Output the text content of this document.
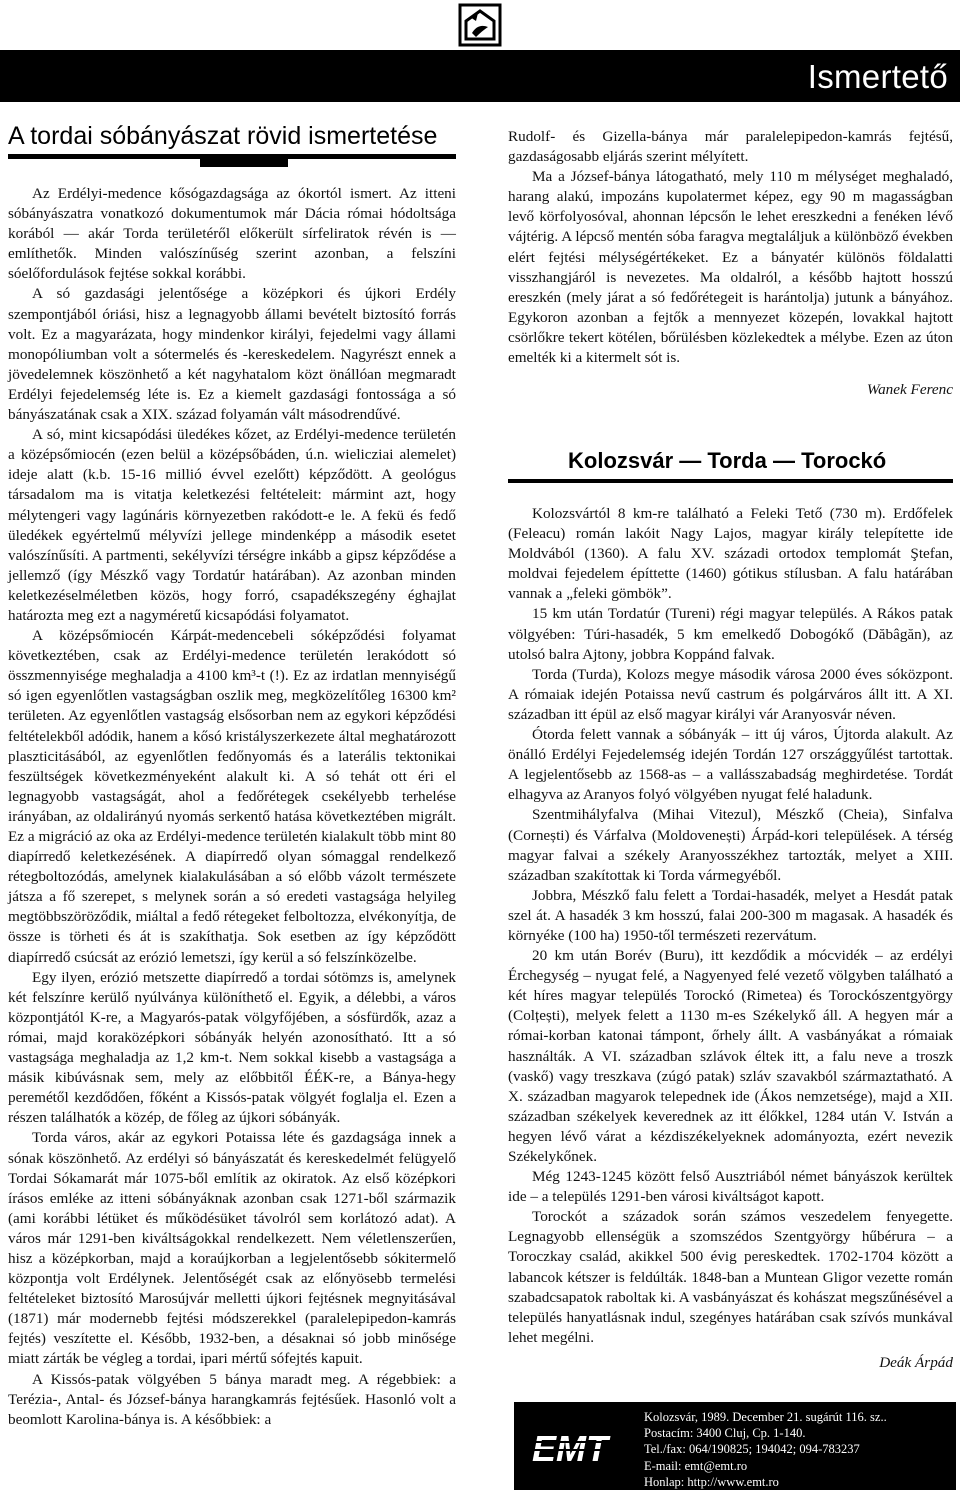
Ismertető
A tordai sóbányászat rövid ismertetése

Az Erdélyi-medence kősógazdagsága az ókortól ismert. Az itteni sóbányászatra vonatkozó dokumentumok már Dácia római hódoltsága korából — akár Torda területéről előkerült sírfeliratok révén is — említhetők. Minden valószínűség szerint azonban, a felszíni sóelőfordulások fejtése sokkal korábbi.

A só gazdasági jelentősége a középkori és újkori Erdély szempontjából óriási, hisz a legnagyobb állami bevételt biztosító forrás volt. Ez a magyarázata, hogy mindenkor királyi, fejedelmi vagy állami monopóliumban volt a sótermelés és -kereskedelem. Nagyrészt ennek a jövedelemnek köszönhető a két nagyhatalom közt önállóan megmaradt Erdélyi fejedelemség léte is. Ez a kiemelt gazdasági fontossága a só bányászatának csak a XIX. század folyamán vált másodrendűvé.

A só, mint kicsapódási üledékes kőzet, az Erdélyi-medence területén a középsőmiocén (ezen belül a középsőbáden, ú.n. wielicziai alemelet) ideje alatt (k.b. 15-16 millió évvel ezelőtt) képződött. A geológus társadalom ma is vitatja keletkezési feltételeit: mármint azt, hogy mélytengeri vagy lagúnáris környezetben rakódott-e le. A fekü és fedő üledékek egyértelmű mélyvízi jellege mindenképp a második esetet valószínűsíti. A partmenti, sekélyvízi térségre inkább a gipsz képződése a jellemző (így Mészkő vagy Tordatúr határában). Az azonban minden keletkezéselméletben közös, hogy forró, csapadékszegény éghajlat határozta meg ezt a nagyméretű kicsapódási folyamatot.

A középsőmiocén Kárpát-medencebeli sóképződési folyamat következtében, csak az Erdélyi-medence területén lerakódott só összmennyisége meghaladja a 4100 km³-t (!). Ez az irdatlan mennyiségű só igen egyenlőtlen vastagságban oszlik meg, megközelítőleg 16300 km² területen. Az egyenlőtlen vastagság elsősorban nem az egykori képződési feltételekből adódik, hanem a kősó kristályszerkezete által meghatározott plaszticitásából, az egyenlőtlen fedőnyomás és a laterális tektonikai feszültségek következményeként alakult ki. A só tehát ott éri el legnagyobb vastagságát, ahol a fedőrétegek csekélyebb terhelése irányában, az oldalirányú nyomás serkentő hatása következtében migrált. Ez a migráció az oka az Erdélyi-medence területén kialakult több mint 80 diapírredő keletkezésének. A diapírredő olyan sómaggal rendelkező rétegboltozódás, amelynek kialakulásában a só előbb vázolt természete játsza a fő szerepet, s melynek során a só eredeti vastagsága helyileg megtöbbszöröződik, miáltal a fedő rétegeket felboltozza, elvékonyítja, de össze is törheti és át is szakíthatja. Sok esetben az így képződött diapírredő csúcsát az erózió lemetszi, így kerül a só felszínközelbe.

Egy ilyen, erózió metszette diapírredő a tordai sótömzs is, amelynek két felszínre kerülő nyúlványa különíthető el. Egyik, a délebbi, a város központjától K-re, a Magyarós-patak völgyfőjében, a sósfürdők, azaz a római, majd koraközépkori sóbányák helyén azonosítható. Itt a só vastagsága meghaladja az 1,2 km-t. Nem sokkal kisebb a vastagsága a másik kibúvásnak sem, mely az előbbitől ÉÉK-re, a Bánya-hegy peremétől kezdődően, főként a Kissós-patak völgyét foglalja el. Ezen a részen találhatók a közép, de főleg az újkori sóbányák.

Torda város, akár az egykori Potaissa léte és gazdagsága innek a sónak köszönhető. Az erdélyi só bányászatát és kereskedelmét felügyelő Tordai Sókamarát már 1075-ből említik az okiratok. Az első középkori írásos emléke az itteni sóbányáknak azonban csak 1271-ből származik (ami korábbi létüket és működésüket távolról sem korlátozó adat). A város már 1291-ben kiváltságokkal rendelkezett. Nem véletlenszerűen, hisz a középkorban, majd a koraújkorban a legjelentősebb sókitermelő központja volt Erdélynek. Jelentőségét csak az előnyösebb termelési feltételeket biztosító Marosújvár melletti újkori fejtésnek megnyitásával (1871) már modernebb fejtési módszerekkel (paralelepipedon-kamrás fejtés) veszítette el. Később, 1932-ben, a désaknai só jobb minősége miatt zárták be végleg a tordai, ipari mértű sófejtés kapuit.

A Kissós-patak völgyében 5 bánya maradt meg. A régebbiek: a Terézia-, Antal- és József-bánya harangkamrás fejtésűek. Hasonló volt a beomlott Karolina-bánya is. A későbbiek: a

Rudolf- és Gizella-bánya már paralelepipedon-kamrás fejtésű, gazdaságosabb eljárás szerint mélyített.

Ma a József-bánya látogatható, mely 110 m mélységet meghaladó, harang alakú, impozáns kupolatermet képez, egy 90 m magasságban levő körfolyosóval, ahonnan lépcsőn le lehet ereszkedni a fenéken lévő vájtérig. A lépcső mentén sóba faragva megtaláljuk a különböző években elért fejtési mélységértékeket. Ez a bányatér különös földalatti visszhangjáról is nevezetes. Ma oldalról, a később hajtott hosszú ereszkén (mely járat a só fedőrétegeit is harántolja) jutunk a bányához. Egykoron azonban a fejtők a mennyezet közepén, lovakkal hajtott csörlőkre tekert kötélen, bőrülésben közlekedtek a mélybe. Ezen az úton emelték ki a kitermelt sót is.

Wanek Ferenc
Kolozsvár — Torda — Torockó

Kolozsvártól 8 km-re található a Feleki Tető (730 m). Erdőfelek (Feleacu) román lakóit Nagy Lajos, magyar király telepítette ide Moldvából (1360). A falu XV. századi ortodox templomát Ştefan, moldvai fejedelem építtette (1460) gótikus stílusban. A falu határában vannak a „feleki gömbök”.

15 km után Tordatúr (Tureni) régi magyar település. A Rákos patak völgyében: Túri-hasadék, 5 km emelkedő Dobogókő (Dăbâgăn), az utolsó balra Ajtony, jobbra Koppánd falvak.

Torda (Turda), Kolozs megye második városa 2000 éves sóközpont. A rómaiak idején Potaissa nevű castrum és polgárváros állt itt. A XI. században itt épül az első magyar királyi vár Aranyosvár néven.

Ótorda felett vannak a sóbányák – itt új város, Újtorda alakult. Az önálló Erdélyi Fejedelemség idején Tordán 127 országgyűlést tartottak. A legjelentősebb az 1568-as – a vallásszabadság meghirdetése. Tordát elhagyva az Aranyos folyó völgyében nyugat felé haladunk.

Szentmihályfalva (Mihai Vitezul), Mészkő (Cheia), Sinfalva (Cornești) és Várfalva (Moldovenești) Árpád-kori települések. A térség magyar falvai a székely Aranyosszékhez tartozták, melyet a XIII. században szakítottak ki Torda vármegyéből.

Jobbra, Mészkő falu felett a Tordai-hasadék, melyet a Hesdát patak szel át. A hasadék 3 km hosszú, falai 200-300 m magasak. A hasadék és környéke (100 ha) 1950-től természeti rezervátum.

20 km után Borév (Buru), itt kezdődik a mócvidék – az erdélyi Érchegység – nyugat felé, a Nagyenyed felé vezető völgyben található a két híres magyar település Torockó (Rimetea) és Torockószentgyörgy (Colțești), melyek felett a 1130 m-es Székelykő áll. A hegyen már a római-korban katonai támpont, őrhely állt. A vasbányákat a rómaiak használták. A VI. században szlávok éltek itt, a falu neve a troszk (vaskő) vagy treszkava (zúgó patak) szláv szavakból származtatható. A X. században magyarok telepednek ide (Ákos nemzetsége), majd a XII. században székelyek keverednek az itt élőkkel, 1284 után V. István a hegyen lévő várat a kézdiszékelyeknek adományozta, ezért nevezik Székelykőnek.

Még 1243-1245 között felső Ausztriából német bányászok kerültek ide – a település 1291-ben városi kiváltságot kapott.

Torockót a századok során számos veszedelem fenyegette. Legnagyobb ellenségük a szomszédos Szentgyörgy hűbérura – a Toroczkay család, akikkel 500 évig pereskedtek. 1702-1704 között a labancok kétszer is feldúlták. 1848-ban a Muntean Gligor vezette román szabadcsapatok raboltak ki. A vasbányászat és kohászat megszűnésével a település hanyatlásnak indul, szegényes határában csak szívós munkával lehet megélni.

Deák Árpád
EMT
Kolozsvár, 1989. December 21. sugárút 116. sz..
Postacím: 3400 Cluj, Cp. 1-140.
Tel./fax: 064/190825; 194042; 094-783237
E-mail: emt@emt.ro
Honlap: http://www.emt.ro
